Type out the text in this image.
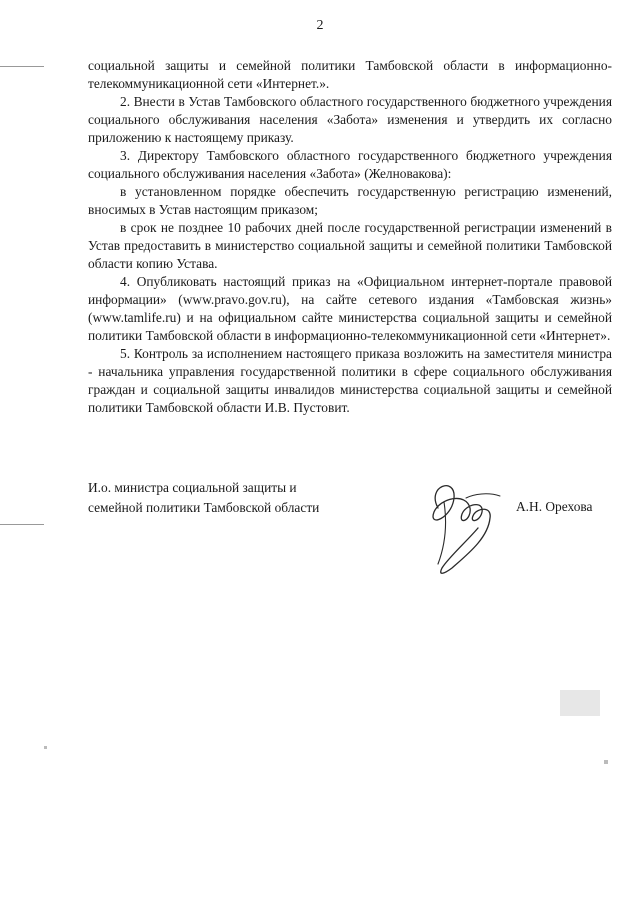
2

социальной защиты и семейной политики Тамбовской области в информационно-телекоммуникационной сети «Интернет.».

2. Внести в Устав Тамбовского областного государственного бюджетного учреждения социального обслуживания населения «Забота» изменения и утвердить их согласно приложению к настоящему приказу.

3. Директору Тамбовского областного государственного бюджетного учреждения социального обслуживания населения «Забота» (Желновакова):

в установленном порядке обеспечить государственную регистрацию изменений, вносимых в Устав настоящим приказом;

в срок не позднее 10 рабочих дней после государственной регистрации изменений в Устав предоставить в министерство социальной защиты и семейной политики Тамбовской области копию Устава.

4. Опубликовать настоящий приказ на «Официальном интернет-портале правовой информации» (www.pravo.gov.ru), на сайте сетевого издания «Тамбовская жизнь» (www.tamlife.ru) и на официальном сайте министерства социальной защиты и семейной политики Тамбовской области в информационно-телекоммуникационной сети «Интернет».

5. Контроль за исполнением настоящего приказа возложить на заместителя министра - начальника управления государственной политики в сфере социального обслуживания граждан и социальной защиты инвалидов министерства социальной защиты и семейной политики Тамбовской области И.В. Пустовит.

И.о. министра социальной защиты и
семейной политики Тамбовской области	А.Н. Орехова
